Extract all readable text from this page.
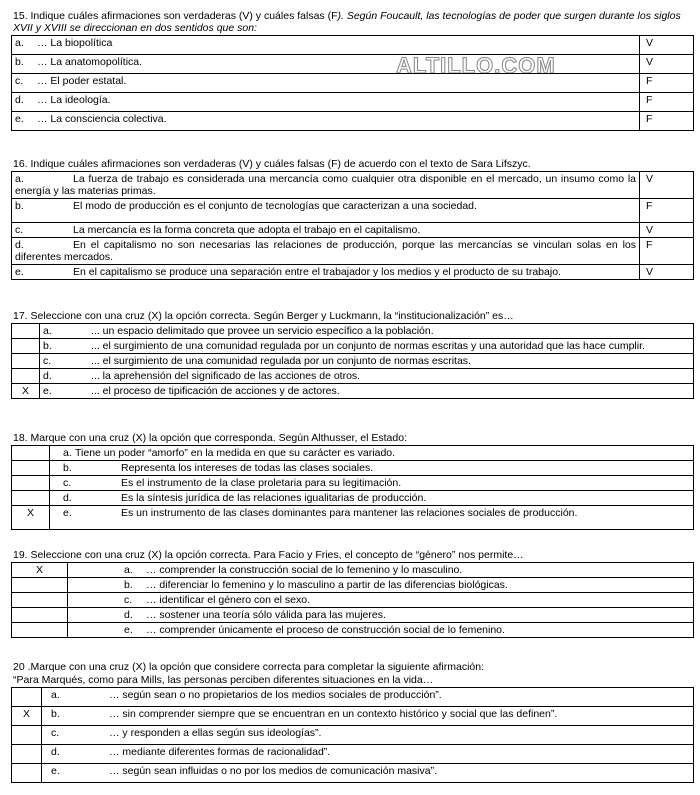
ALTILLO.COM
15. Indique cuáles afirmaciones son verdaderas (V) y cuáles falsas (F). Según Foucault, las tecnologías de poder que surgen durante los siglos XVII y XVIII se direccionan en dos sentidos que son:
a. … La biopolítica	V
b. … La anatomopolítica.	V
c. … El poder estatal.	F
d. … La ideología.	F
e. … La consciencia colectiva.	F
16. Indique cuáles afirmaciones son verdaderas (V) y cuáles falsas (F) de acuerdo con el texto de Sara Lifszyc.
a. La fuerza de trabajo es considerada una mercancía como cualquier otra disponible en el mercado, un insumo como la energía y las materias primas.	V
b. El modo de producción es el conjunto de tecnologías que caracterizan a una sociedad.	F
c. La mercancía es la forma concreta que adopta el trabajo en el capitalismo.	V
d. En el capitalismo no son necesarias las relaciones de producción, porque las mercancías se vinculan solas en los diferentes mercados.	F
e. En el capitalismo se produce una separación entre el trabajador y los medios y el producto de su trabajo.	V
17. Seleccione con una cruz (X) la opción correcta. Según Berger y Luckmann, la “institucionalización” es…
	a. ... un espacio delimitado que provee un servicio específico a la población.
	b. ... el surgimiento de una comunidad regulada por un conjunto de normas escritas y una autoridad que las hace cumplir.
	c. ... el surgimiento de una comunidad regulada por un conjunto de normas escritas.
	d. ... la aprehensión del significado de las acciones de otros.
X	e. ... el proceso de tipificación de acciones y de actores.
18. Marque con una cruz (X) la opción que corresponda. Según Althusser, el Estado:
	a. Tiene un poder “amorfo” en la medida en que su carácter es variado.
	b. Representa los intereses de todas las clases sociales.
	c. Es el instrumento de la clase proletaria para su legitimación.
	d. Es la síntesis jurídica de las relaciones igualitarias de producción.
X	e. Es un instrumento de las clases dominantes para mantener las relaciones sociales de producción.
19. Seleccione con una cruz (X) la opción correcta. Para Facio y Fries, el concepto de “género” nos permite…
X	a. … comprender la construcción social de lo femenino y lo masculino.
	b. … diferenciar lo femenino y lo masculino a partir de las diferencias biológicas.
	c. … identificar el género con el sexo.
	d. … sostener una teoría sólo válida para las mujeres.
	e. … comprender únicamente el proceso de construcción social de lo femenino.
20 .Marque con una cruz (X) la opción que considere correcta para completar la siguiente afirmación:
“Para Marqués, como para Mills, las personas perciben diferentes situaciones en la vida…
	a. … según sean o no propietarios de los medios sociales de producción”.
X	b. … sin comprender siempre que se encuentran en un contexto histórico y social que las definen”.
	c. … y responden a ellas según sus ideologías”.
	d. … mediante diferentes formas de racionalidad”.
	e. … según sean influidas o no por los medios de comunicación masiva”.
